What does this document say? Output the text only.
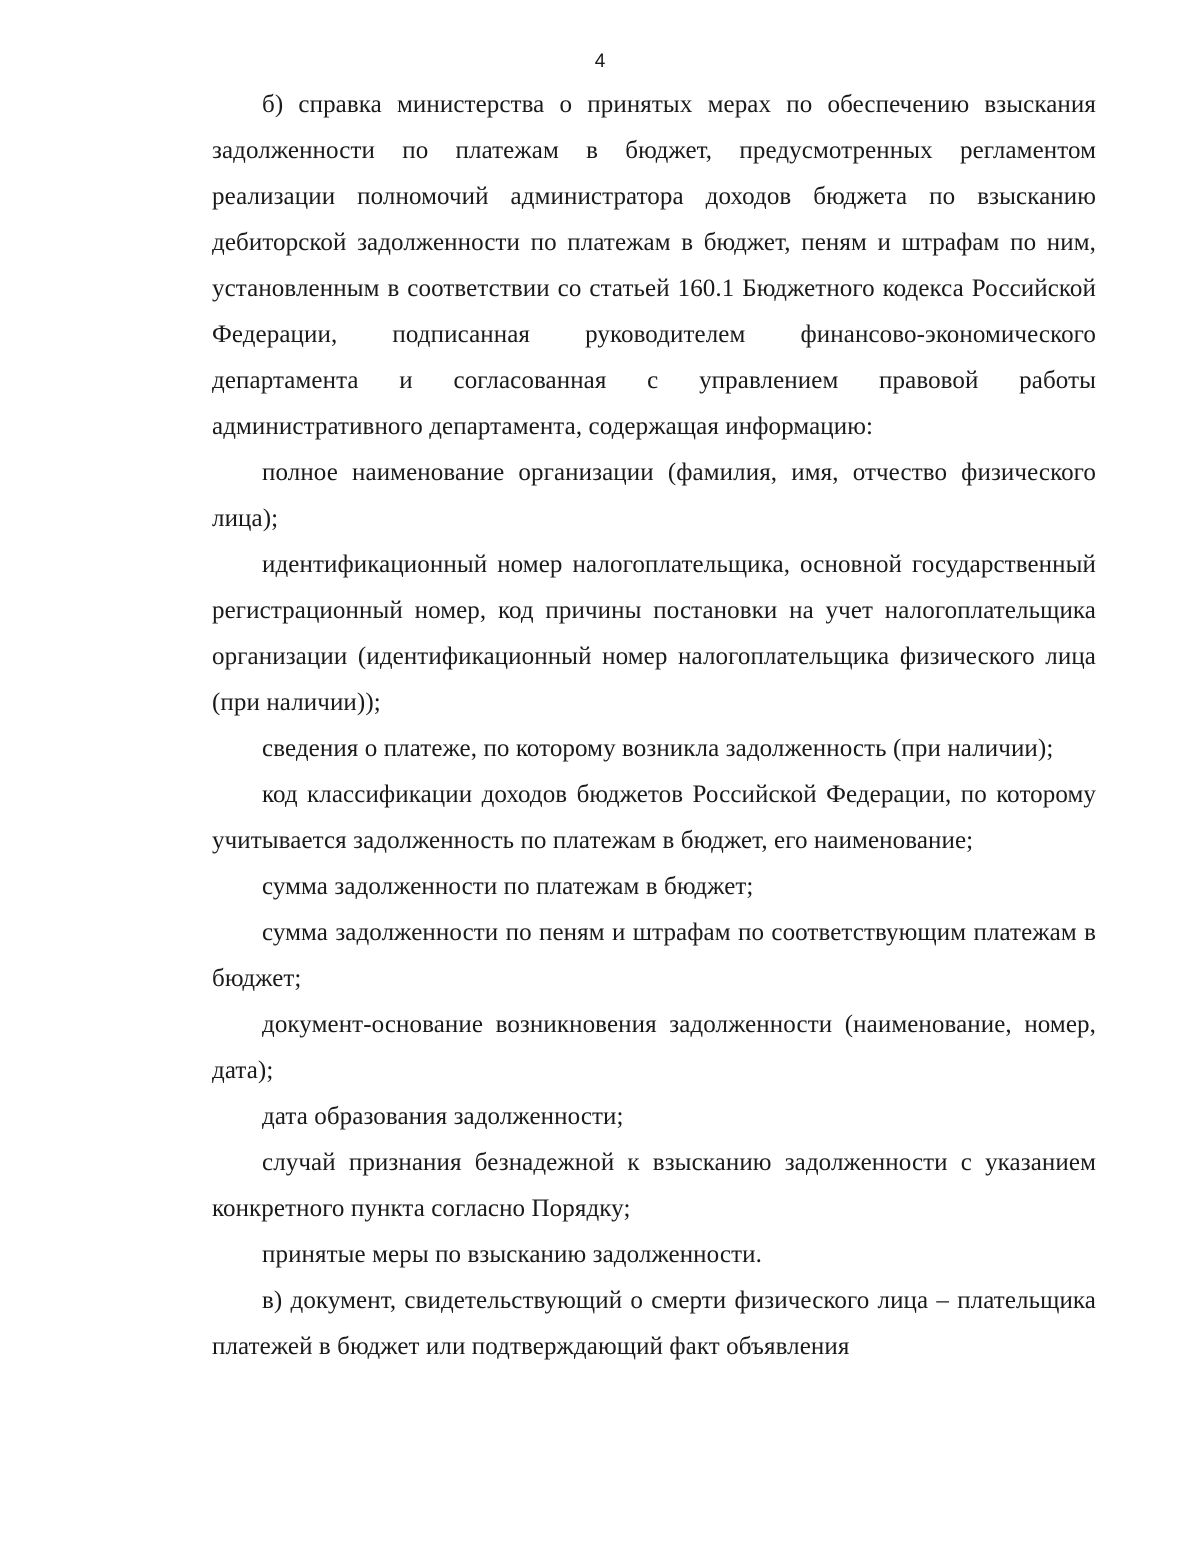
4

б) справка министерства о принятых мерах по обеспечению взыскания задолженности по платежам в бюджет, предусмотренных регламентом реализации полномочий администратора доходов бюджета по взысканию дебиторской задолженности по платежам в бюджет, пеням и штрафам по ним, установленным в соответствии со статьей 160.1 Бюджетного кодекса Российской Федерации, подписанная руководителем финансово-экономического департамента и согласованная с управлением правовой работы административного департамента, содержащая информацию:

полное наименование организации (фамилия, имя, отчество физического лица);

идентификационный номер налогоплательщика, основной государственный регистрационный номер, код причины постановки на учет налогоплательщика организации (идентификационный номер налогоплательщика физического лица (при наличии));

сведения о платеже, по которому возникла задолженность (при наличии);

код классификации доходов бюджетов Российской Федерации, по которому учитывается задолженность по платежам в бюджет, его наименование;

сумма задолженности по платежам в бюджет;

сумма задолженности по пеням и штрафам по соответствующим платежам в бюджет;

документ-основание возникновения задолженности (наименование, номер, дата);

дата образования задолженности;

случай признания безнадежной к взысканию задолженности с указанием конкретного пункта согласно Порядку;

принятые меры по взысканию задолженности.

в) документ, свидетельствующий о смерти физического лица – плательщика платежей в бюджет или подтверждающий факт объявления
